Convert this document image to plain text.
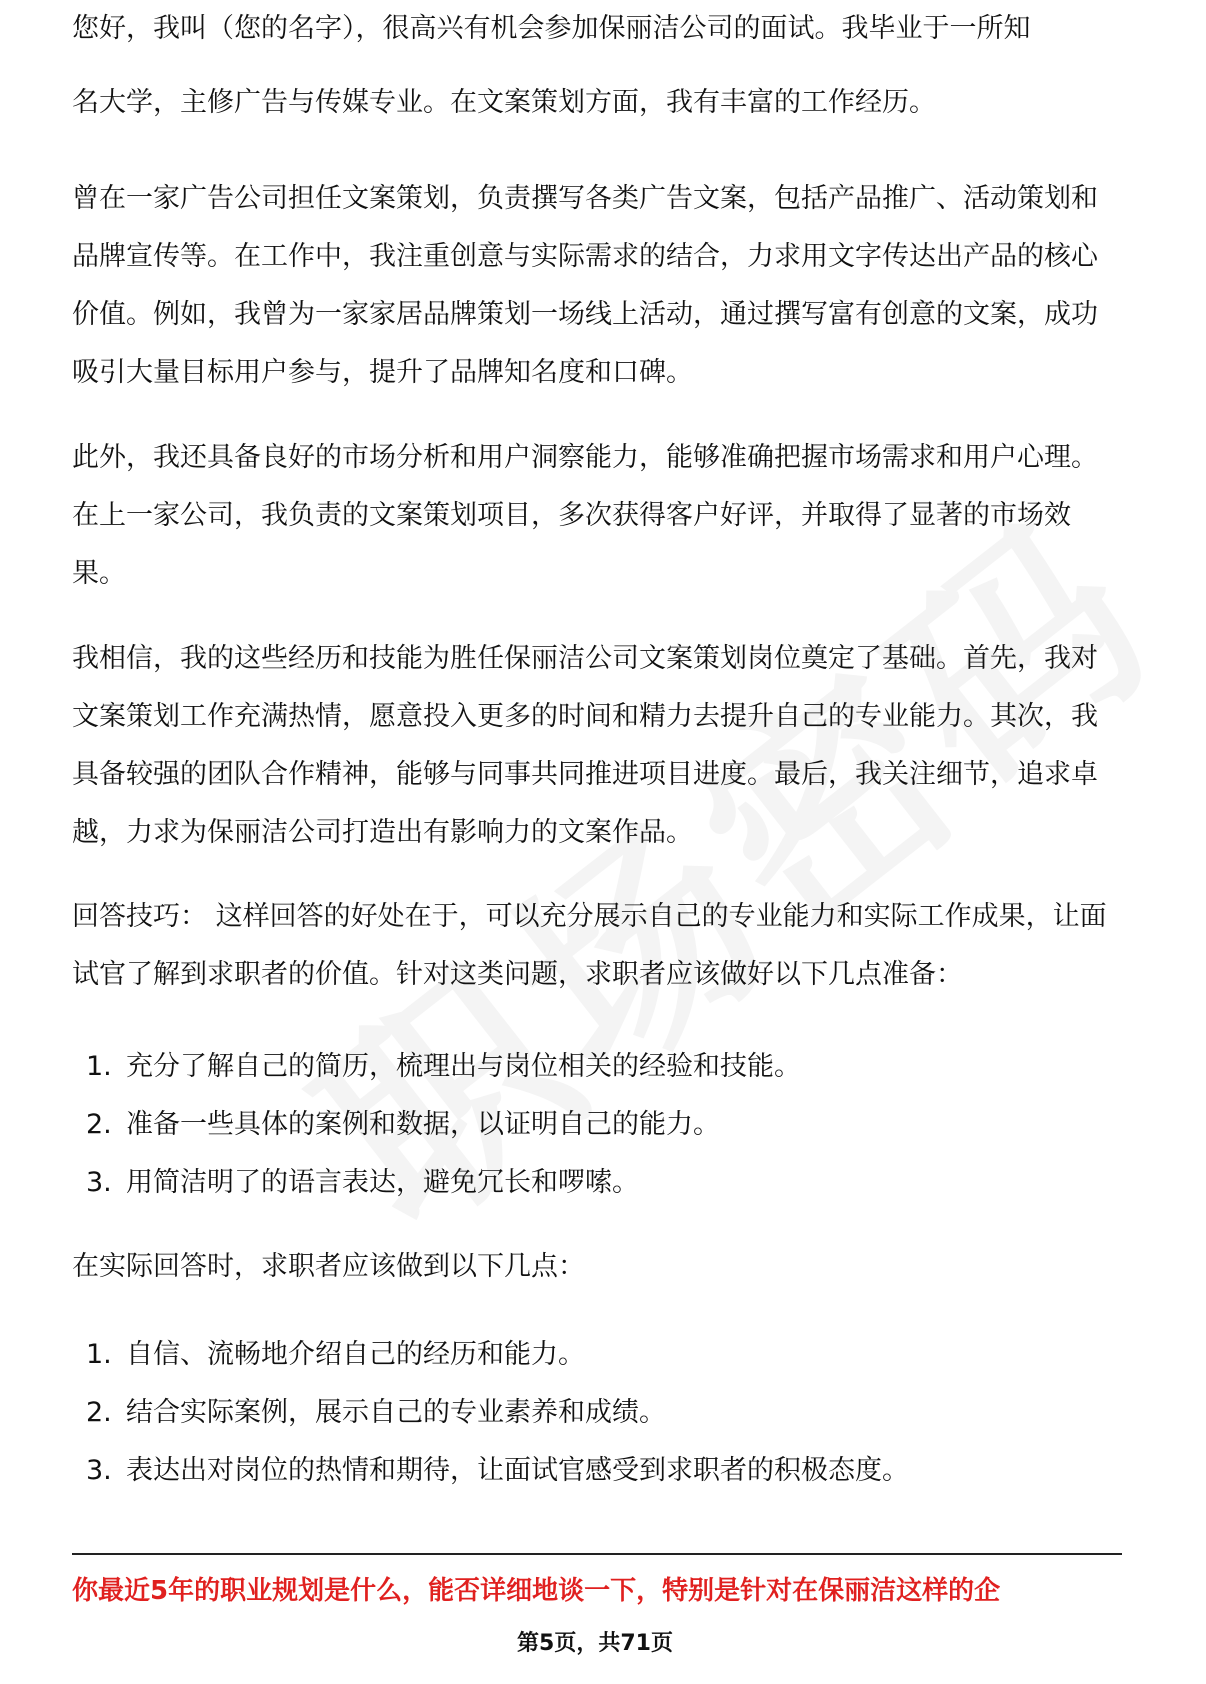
您好，我叫（您的名字），很高兴有机会参加保丽洁公司的面试。我毕业于一所知

名大学，主修广告与传媒专业。在文案策划方面，我有丰富的工作经历。

曾在一家广告公司担任文案策划，负责撰写各类广告文案，包括产品推广、活动策划和品牌宣传等。在工作中，我注重创意与实际需求的结合，力求用文字传达出产品的核心价值。例如，我曾为一家家居品牌策划一场线上活动，通过撰写富有创意的文案，成功吸引大量目标用户参与，提升了品牌知名度和口碑。

此外，我还具备良好的市场分析和用户洞察能力，能够准确把握市场需求和用户心理。在上一家公司，我负责的文案策划项目，多次获得客户好评，并取得了显著的市场效果。

我相信，我的这些经历和技能为胜任保丽洁公司文案策划岗位奠定了基础。首先，我对文案策划工作充满热情，愿意投入更多的时间和精力去提升自己的专业能力。其次，我具备较强的团队合作精神，能够与同事共同推进项目进度。最后，我关注细节，追求卓越，力求为保丽洁公司打造出有影响力的文案作品。

回答技巧： 这样回答的好处在于，可以充分展示自己的专业能力和实际工作成果，让面试官了解到求职者的价值。针对这类问题，求职者应该做好以下几点准备：

1. 充分了解自己的简历，梳理出与岗位相关的经验和技能。
2. 准备一些具体的案例和数据，以证明自己的能力。
3. 用简洁明了的语言表达，避免冗长和啰嗦。

在实际回答时，求职者应该做到以下几点：

1. 自信、流畅地介绍自己的经历和能力。
2. 结合实际案例，展示自己的专业素养和成绩。
3. 表达出对岗位的热情和期待，让面试官感受到求职者的积极态度。
你最近5年的职业规划是什么，能否详细地谈一下，特别是针对在保丽洁这样的企
第5页，共71页
